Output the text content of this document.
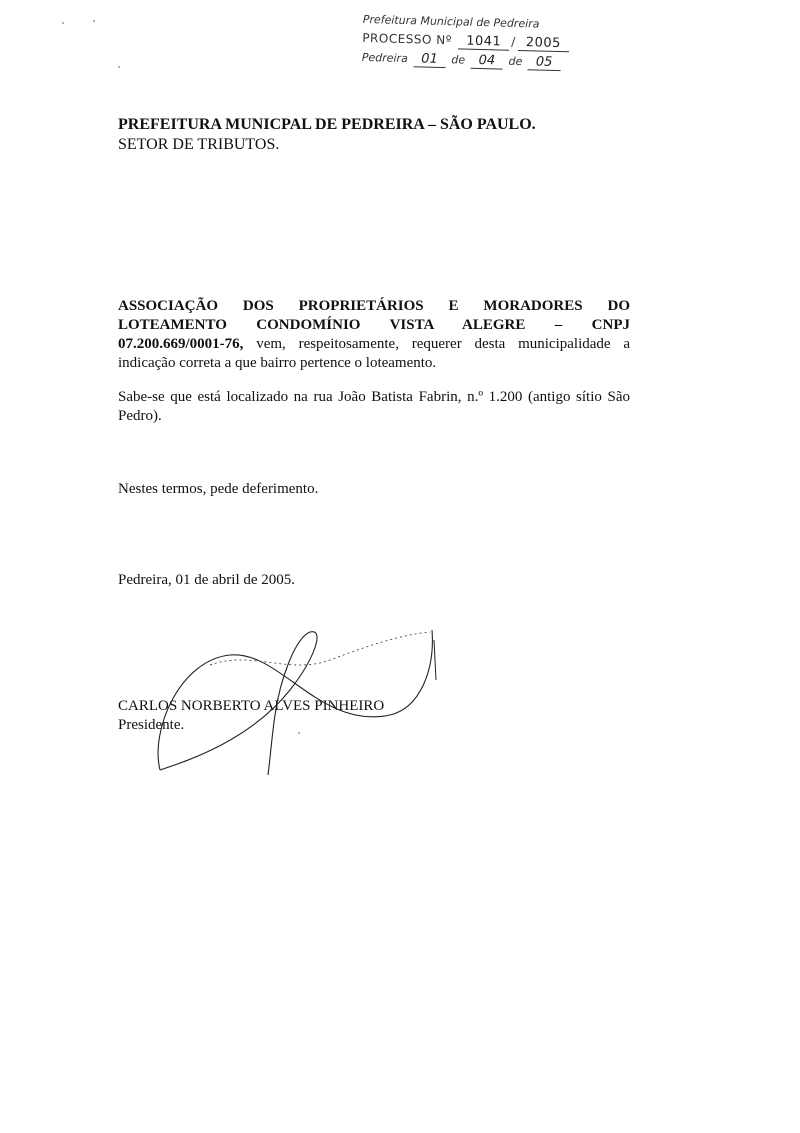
Prefeitura Municipal de Pedreira
PROCESSO Nº 1041 / 2005
Pedreira 01 de 04 de 05
PREFEITURA MUNICPAL DE PEDREIRA – SÃO PAULO.
SETOR DE TRIBUTOS.
ASSOCIAÇÃO DOS PROPRIETÁRIOS E MORADORES DO
LOTEAMENTO CONDOMÍNIO VISTA ALEGRE – CNPJ
07.200.669/0001-76, vem, respeitosamente, requerer desta municipalidade a indicação correta a que bairro pertence o loteamento.
Sabe-se que está localizado na rua João Batista Fabrin, n.º 1.200 (antigo sítio São Pedro).
Nestes termos, pede deferimento.
Pedreira, 01 de abril de 2005.
CARLOS NORBERTO ALVES PINHEIRO
Presidente.
